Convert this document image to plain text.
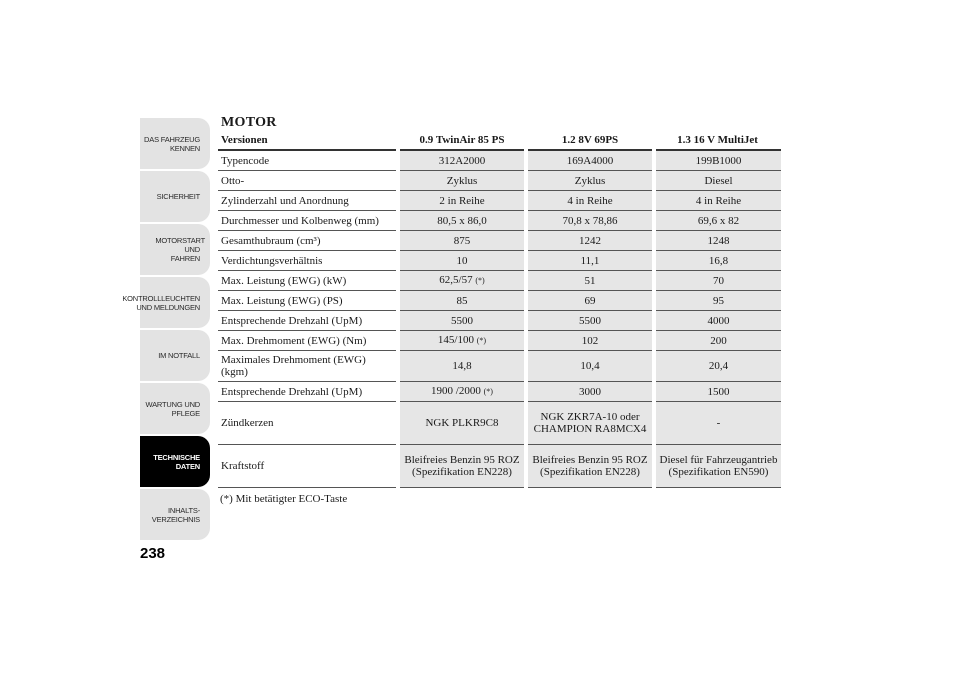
DAS FAHRZEUG
KENNEN
SICHERHEIT
MOTORSTART UND
FAHREN
KONTROLLLEUCHTEN
UND MELDUNGEN
IM NOTFALL
WARTUNG UND
PFLEGE
TECHNISCHE
DATEN
INHALTS-
VERZEICHNIS
238
MOTOR
Versionen	0.9 TwinAir 85 PS	1.2 8V 69PS	1.3 16 V MultiJet
Typencode	312A2000	169A4000	199B1000
Otto-	Zyklus	Zyklus	Diesel
Zylinderzahl und Anordnung	2 in Reihe	4 in Reihe	4 in Reihe
Durchmesser und Kolbenweg (mm)	80,5 x 86,0	70,8 x 78,86	69,6 x 82
Gesamthubraum (cm³)	875	1242	1248
Verdichtungsverhältnis	10	11,1	16,8
Max. Leistung (EWG) (kW)	62,5/57 (*)	51	70
Max. Leistung (EWG) (PS)	85	69	95
Entsprechende Drehzahl (UpM)	5500	5500	4000
Max. Drehmoment (EWG) (Nm)	145/100 (*)	102	200
Maximales Drehmoment (EWG) (kgm)	14,8	10,4	20,4
Entsprechende Drehzahl (UpM)	1900 /2000 (*)	3000	1500
Zündkerzen	NGK PLKR9C8	NGK ZKR7A-10 oder CHAMPION RA8MCX4	-
Kraftstoff	Bleifreies Benzin 95 ROZ (Spezifikation EN228)	Bleifreies Benzin 95 ROZ (Spezifikation EN228)	Diesel für Fahrzeugantrieb (Spezifikation EN590)
(*) Mit betätigter ECO-Taste
